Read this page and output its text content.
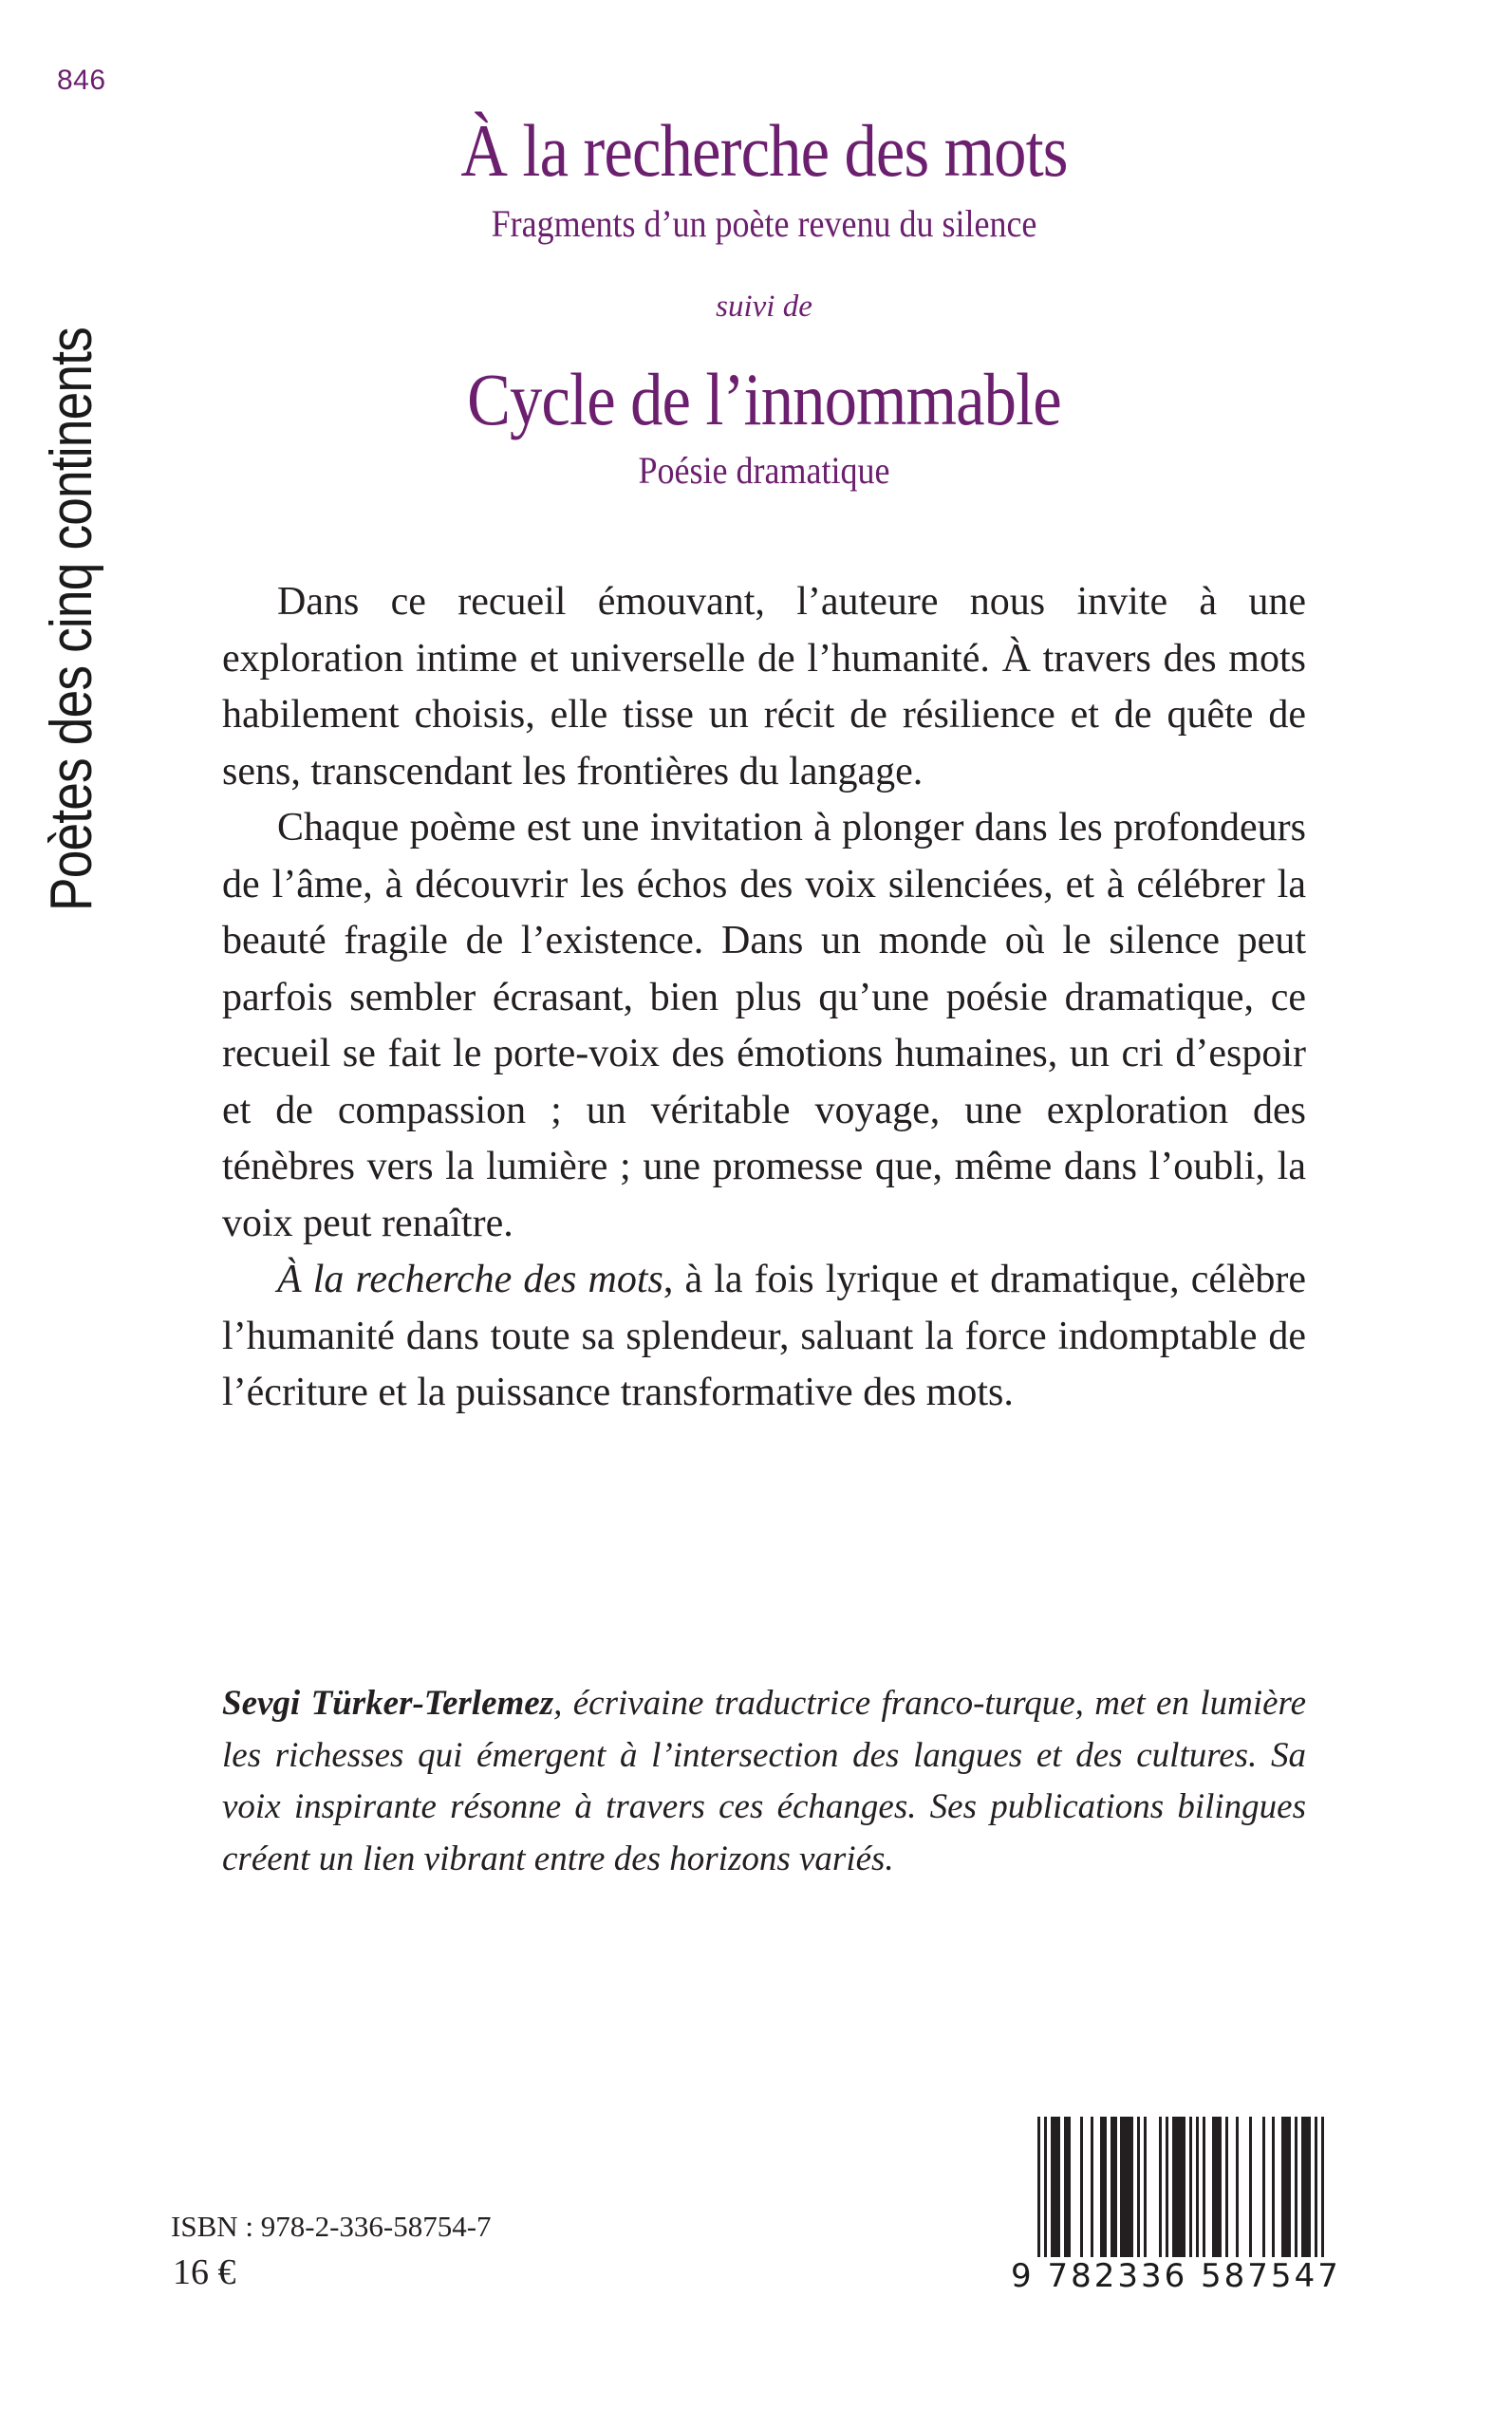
846
Poètes des cinq continents
À la recherche des mots
Fragments d’un poète revenu du silence
suivi de
Cycle de l’innommable
Poésie dramatique

Dans ce recueil émouvant, l’auteure nous invite à une exploration intime et universelle de l’humanité. À travers des mots habilement choisis, elle tisse un récit de résilience et de quête de sens, transcendant les frontières du langage.

Chaque poème est une invitation à plonger dans les profondeurs de l’âme, à découvrir les échos des voix silenciées, et à célébrer la beauté fragile de l’existence. Dans un monde où le silence peut parfois sembler écrasant, bien plus qu’une poésie dramatique, ce recueil se fait le porte-voix des émotions humaines, un cri d’espoir et de compassion ; un véritable voyage, une exploration des ténèbres vers la lumière ; une promesse que, même dans l’oubli, la voix peut renaître.

À la recherche des mots, à la fois lyrique et dramatique, célèbre l’humanité dans toute sa splendeur, saluant la force indomptable de l’écriture et la puissance transformative des mots.

Sevgi Türker-Terlemez, écrivaine traductrice franco-turque, met en lumière les richesses qui émergent à l’intersection des langues et des cultures. Sa voix inspirante résonne à travers ces échanges. Ses publications bilingues créent un lien vibrant entre des horizons variés.

ISBN : 978-2-336-58754-7
16 €	9 782336 587547
